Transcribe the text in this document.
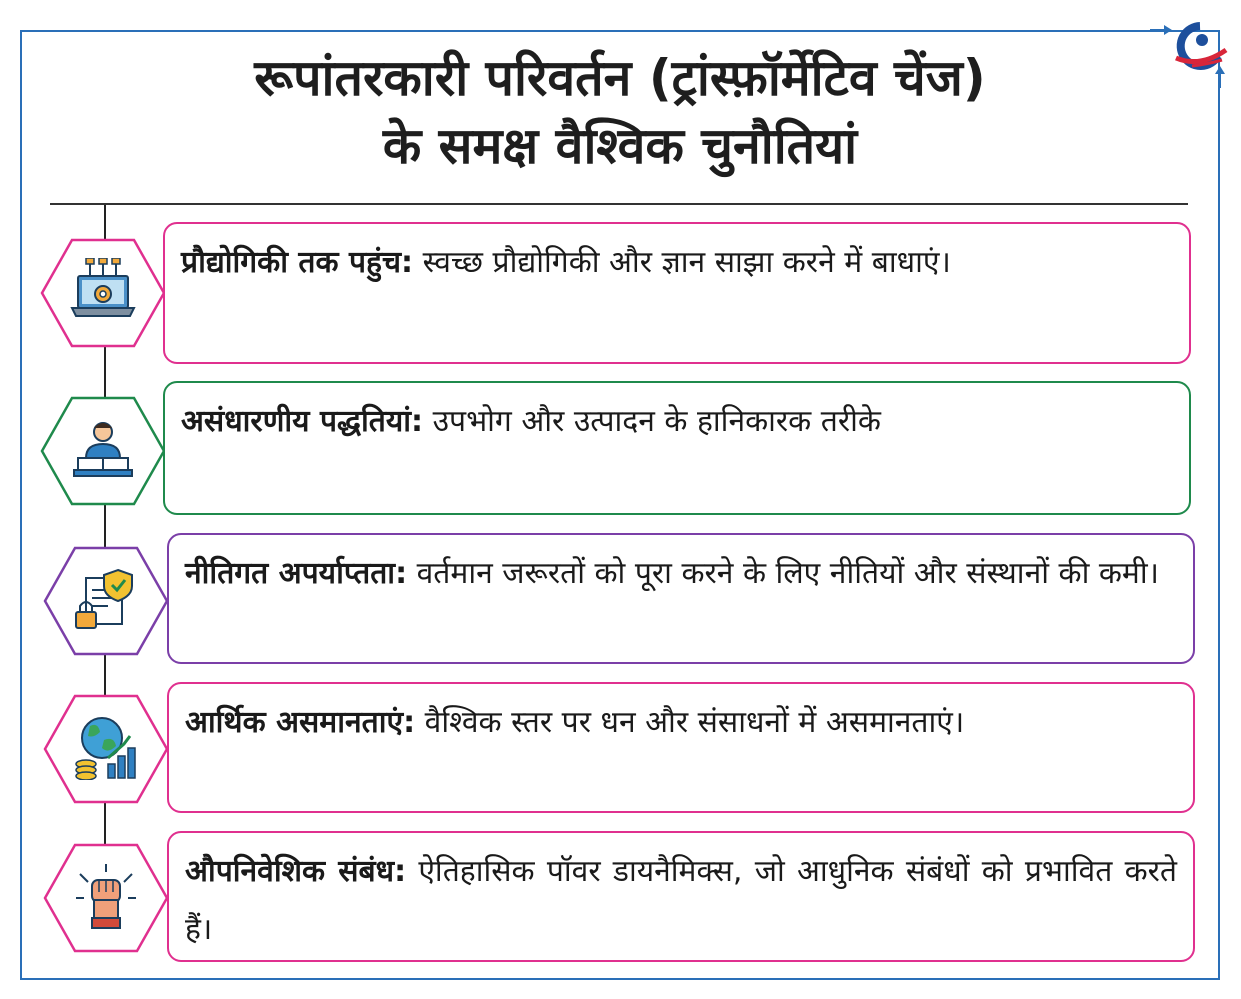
रूपांतरकारी परिवर्तन (ट्रांस्फ़ॉर्मेटिव चेंज)
के समक्ष वैश्विक चुनौतियां
प्रौद्योगिकी तक पहुंच: स्वच्छ प्रौद्योगिकी और ज्ञान साझा करने में बाधाएं।
असंधारणीय पद्धतियां: उपभोग और उत्पादन के हानिकारक तरीके
नीतिगत अपर्याप्तता: वर्तमान जरूरतों को पूरा करने के लिए नीतियों और संस्थानों की कमी।
आर्थिक असमानताएं: वैश्विक स्तर पर धन और संसाधनों में असमानताएं।
औपनिवेशिक संबंध: ऐतिहासिक पॉवर डायनैमिक्स, जो आधुनिक संबंधों को प्रभावित करते हैं।
